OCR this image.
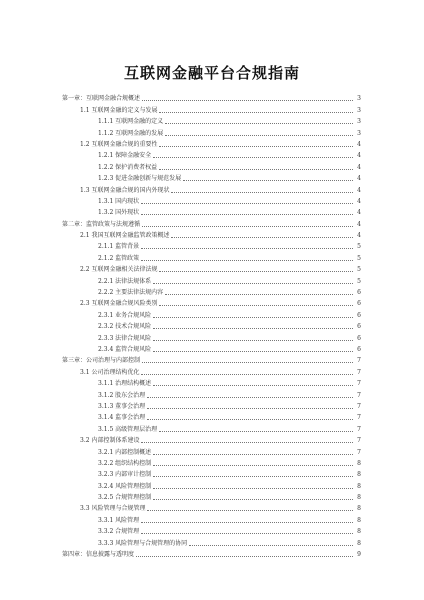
互联网金融平台合规指南
第一章：互联网金融合规概述	3
1.1 互联网金融的定义与发展	3
1.1.1 互联网金融的定义	3
1.1.2 互联网金融的发展	3
1.2 互联网金融合规的重要性	4
1.2.1 保障金融安全	4
1.2.2 保护消费者权益	4
1.2.3 促进金融创新与规范发展	4
1.3 互联网金融合规的国内外现状	4
1.3.1 国内现状	4
1.3.2 国外现状	4
第二章：监管政策与法规遵循	4
2.1 我国互联网金融监管政策概述	4
2.1.1 监管背景	5
2.1.2 监管政策	5
2.2 互联网金融相关法律法规	5
2.2.1 法律法规体系	5
2.2.2 主要法律法规内容	6
2.3 互联网金融合规风险类别	6
2.3.1 业务合规风险	6
2.3.2 技术合规风险	6
2.3.3 法律合规风险	6
2.3.4 监管合规风险	6
第三章：公司治理与内部控制	7
3.1 公司治理结构优化	7
3.1.1 治理结构概述	7
3.1.2 股东会治理	7
3.1.3 董事会治理	7
3.1.4 监事会治理	7
3.1.5 高级管理层治理	7
3.2 内部控制体系建设	7
3.2.1 内部控制概述	7
3.2.2 组织结构控制	8
3.2.3 内部审计控制	8
3.2.4 风险管理控制	8
3.2.5 合规管理控制	8
3.3 风险管理与合规管理	8
3.3.1 风险管理	8
3.3.2 合规管理	8
3.3.3 风险管理与合规管理的协同	8
第四章：信息披露与透明度	9
